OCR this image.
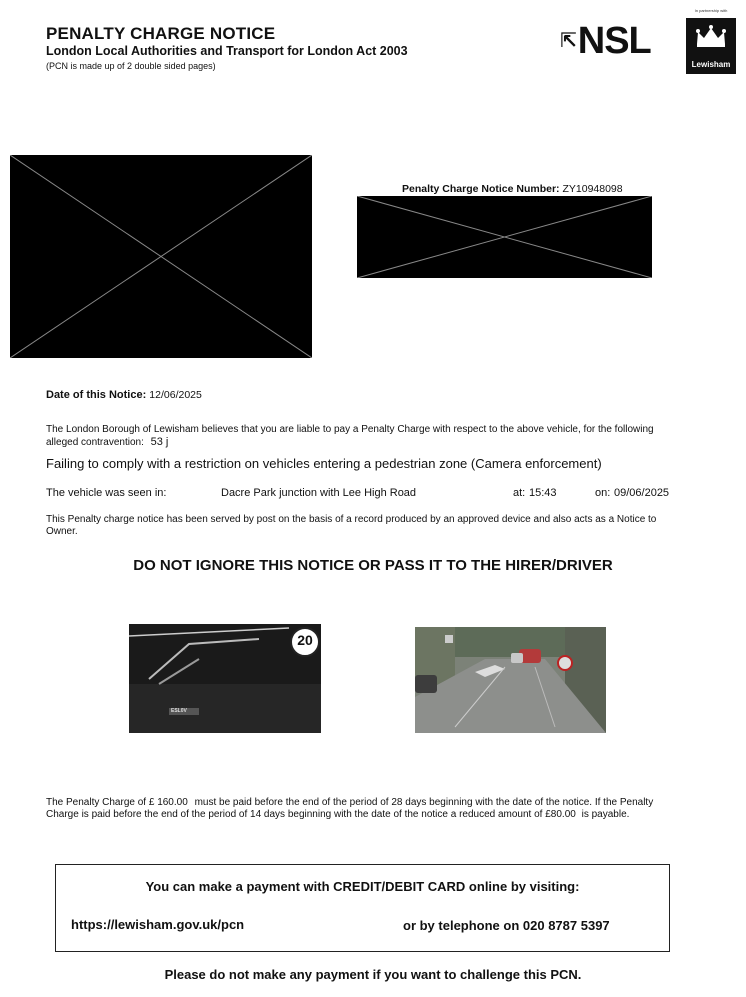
PENALTY CHARGE NOTICE
London Local Authorities and Transport for London Act 2003
(PCN is made up of 2 double sided pages)
⇱NSL
In partnership with
Lewisham
Penalty Charge Notice Number: ZY10948098
Date of this Notice: 12/06/2025
The London Borough of Lewisham believes that you are liable to pay a Penalty Charge with respect to the above vehicle, for the following alleged contravention: 53 j
Failing to comply with a restriction on vehicles entering a pedestrian zone (Camera enforcement)
The vehicle was seen in:	Dacre Park junction with Lee High Road	at: 15:43	on: 09/06/2025
This Penalty charge notice has been served by post on the basis of a record produced by an approved device and also acts as a Notice to Owner.
DO NOT IGNORE THIS NOTICE OR PASS IT TO THE HIRER/DRIVER
20
ESL0V
The Penalty Charge of £ 160.00 must be paid before the end of the period of 28 days beginning with the date of the notice. If the Penalty Charge is paid before the end of the period of 14 days beginning with the date of the notice a reduced amount of £80.00 is payable.
You can make a payment with CREDIT/DEBIT CARD online by visiting:
https://lewisham.gov.uk/pcn	or by telephone on 020 8787 5397
Please do not make any payment if you want to challenge this PCN.
